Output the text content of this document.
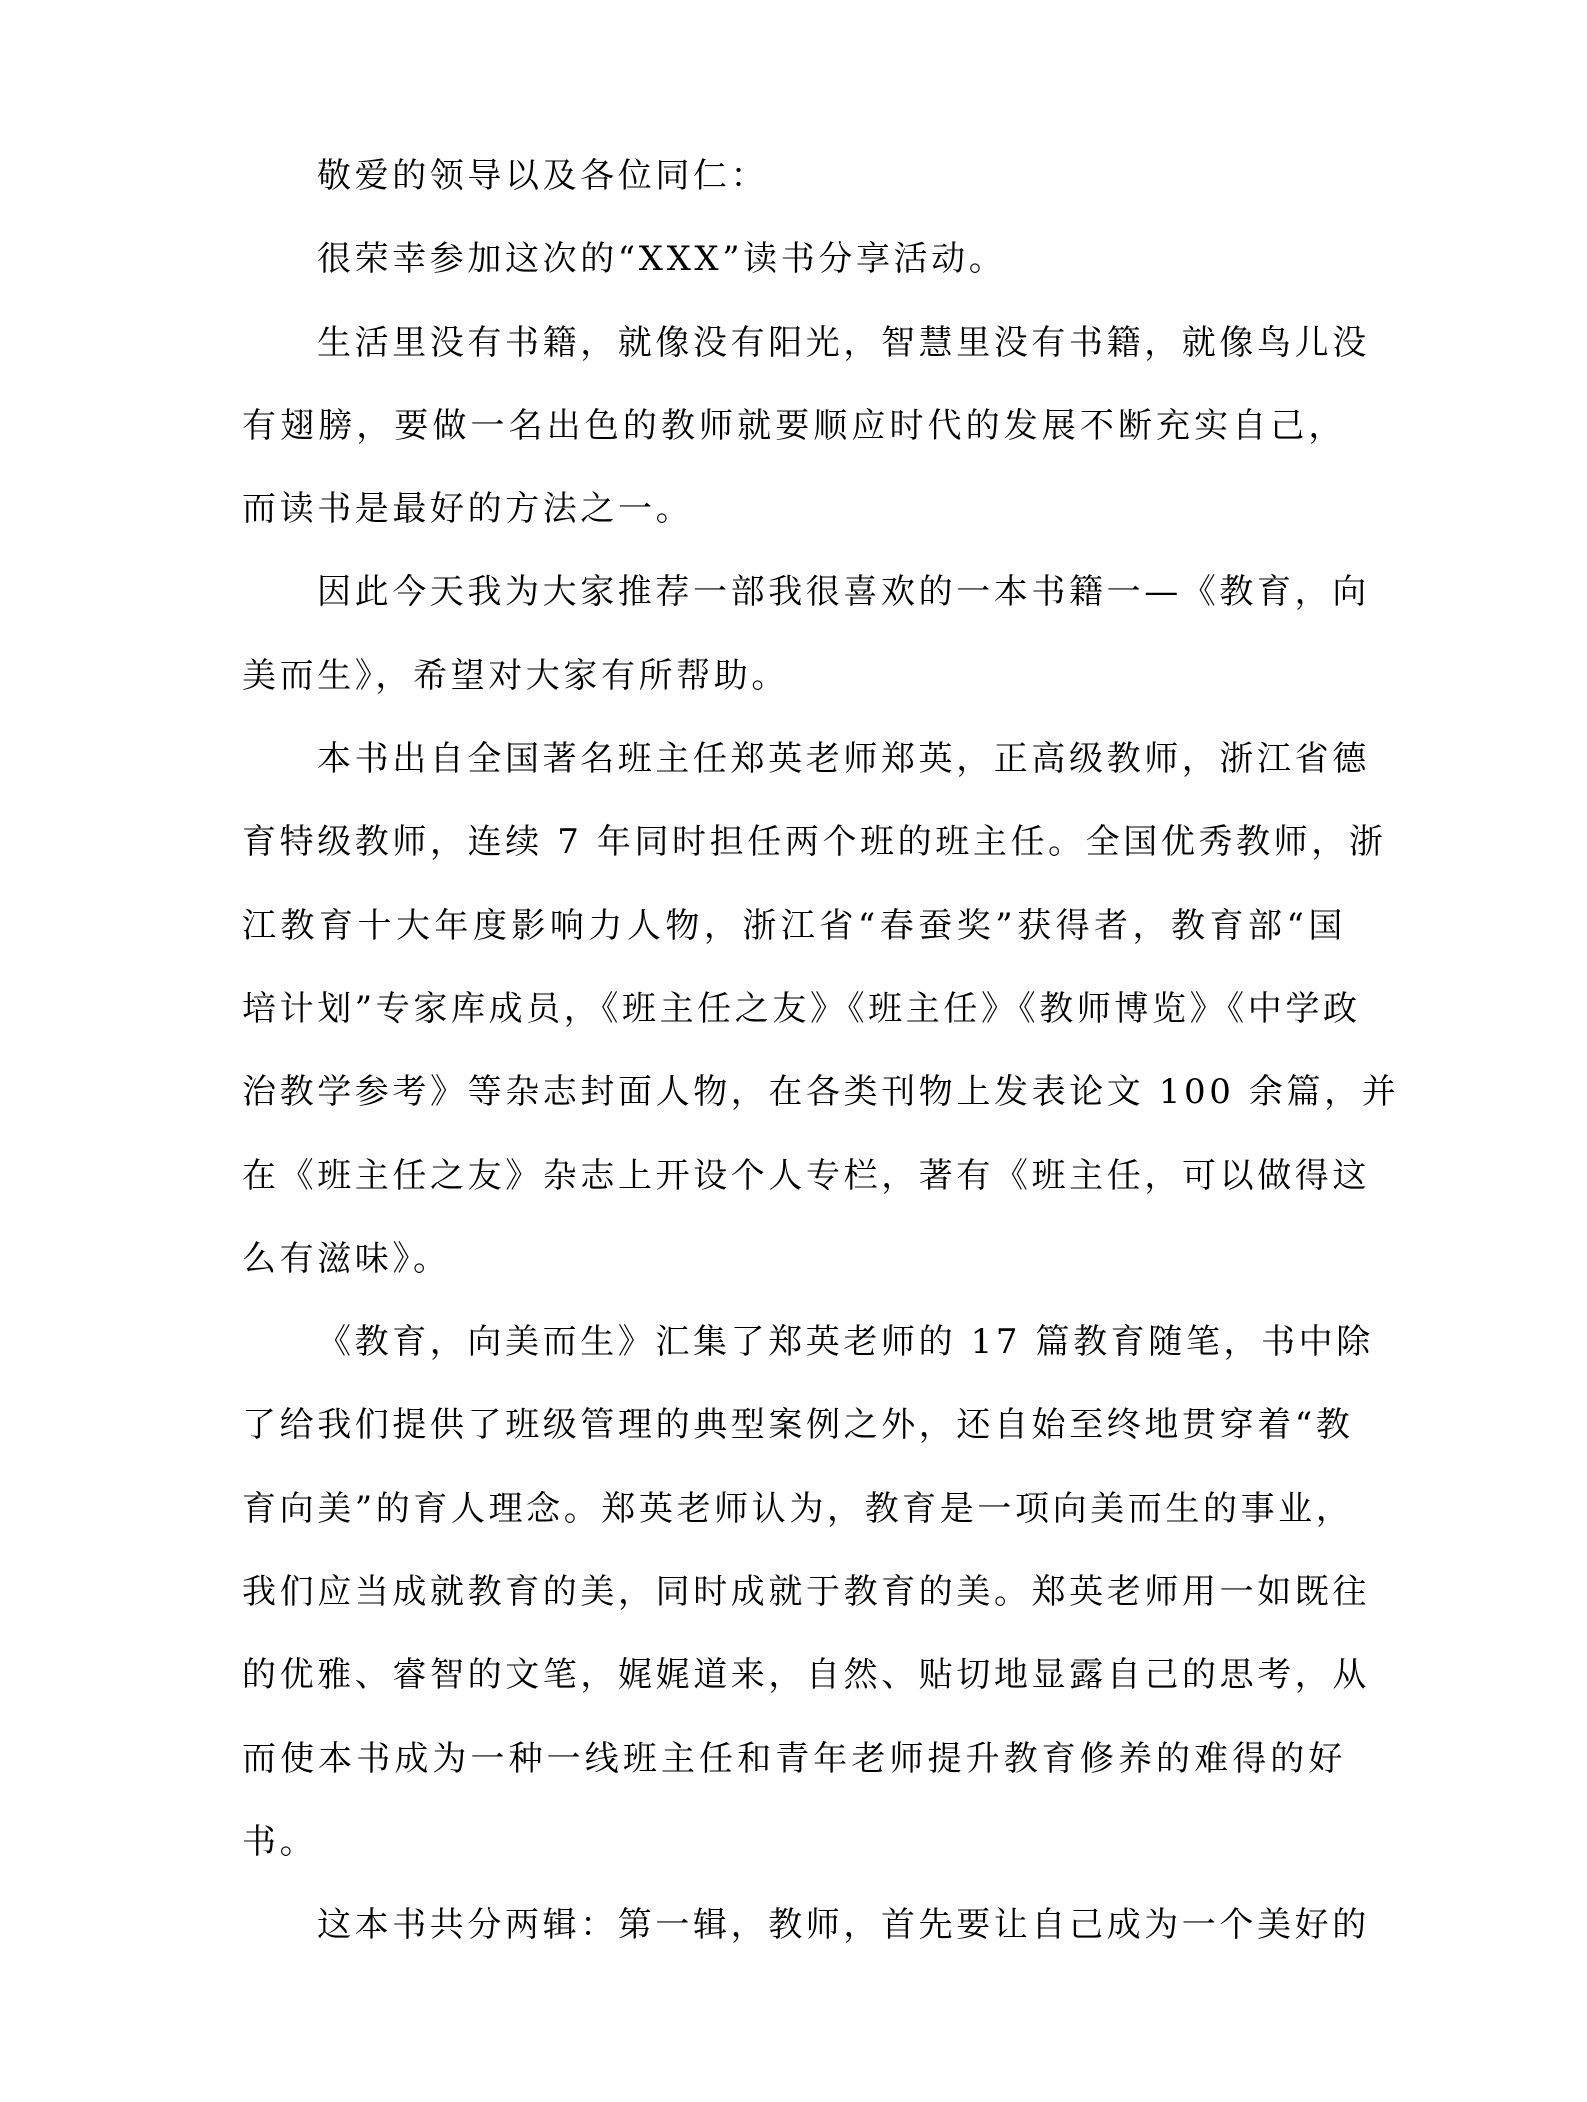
敬爱的领导以及各位同仁：
很荣幸参加这次的“XXX”读书分享活动。
生活里没有书籍，就像没有阳光，智慧里没有书籍，就像鸟儿没
有翅膀，要做一名出色的教师就要顺应时代的发展不断充实自己，
而读书是最好的方法之一。
因此今天我为大家推荐一部我很喜欢的一本书籍一—《教育，向
美而生》，希望对大家有所帮助。
本书出自全国著名班主任郑英老师郑英，正高级教师，浙江省德
育特级教师，连续 7 年同时担任两个班的班主任。全国优秀教师，浙
江教育十大年度影响力人物，浙江省“春蚕奖”获得者，教育部“国
培计划”专家库成员，《班主任之友》《班主任》《教师博览》《中学政
治教学参考》等杂志封面人物，在各类刊物上发表论文 100 余篇，并
在《班主任之友》杂志上开设个人专栏，著有《班主任，可以做得这
么有滋味》。
《教育，向美而生》汇集了郑英老师的 17 篇教育随笔，书中除
了给我们提供了班级管理的典型案例之外，还自始至终地贯穿着“教
育向美”的育人理念。郑英老师认为，教育是一项向美而生的事业，
我们应当成就教育的美，同时成就于教育的美。郑英老师用一如既往
的优雅、睿智的文笔，娓娓道来，自然、贴切地显露自己的思考，从
而使本书成为一种一线班主任和青年老师提升教育修养的难得的好
书。
这本书共分两辑：第一辑，教师，首先要让自己成为一个美好的
